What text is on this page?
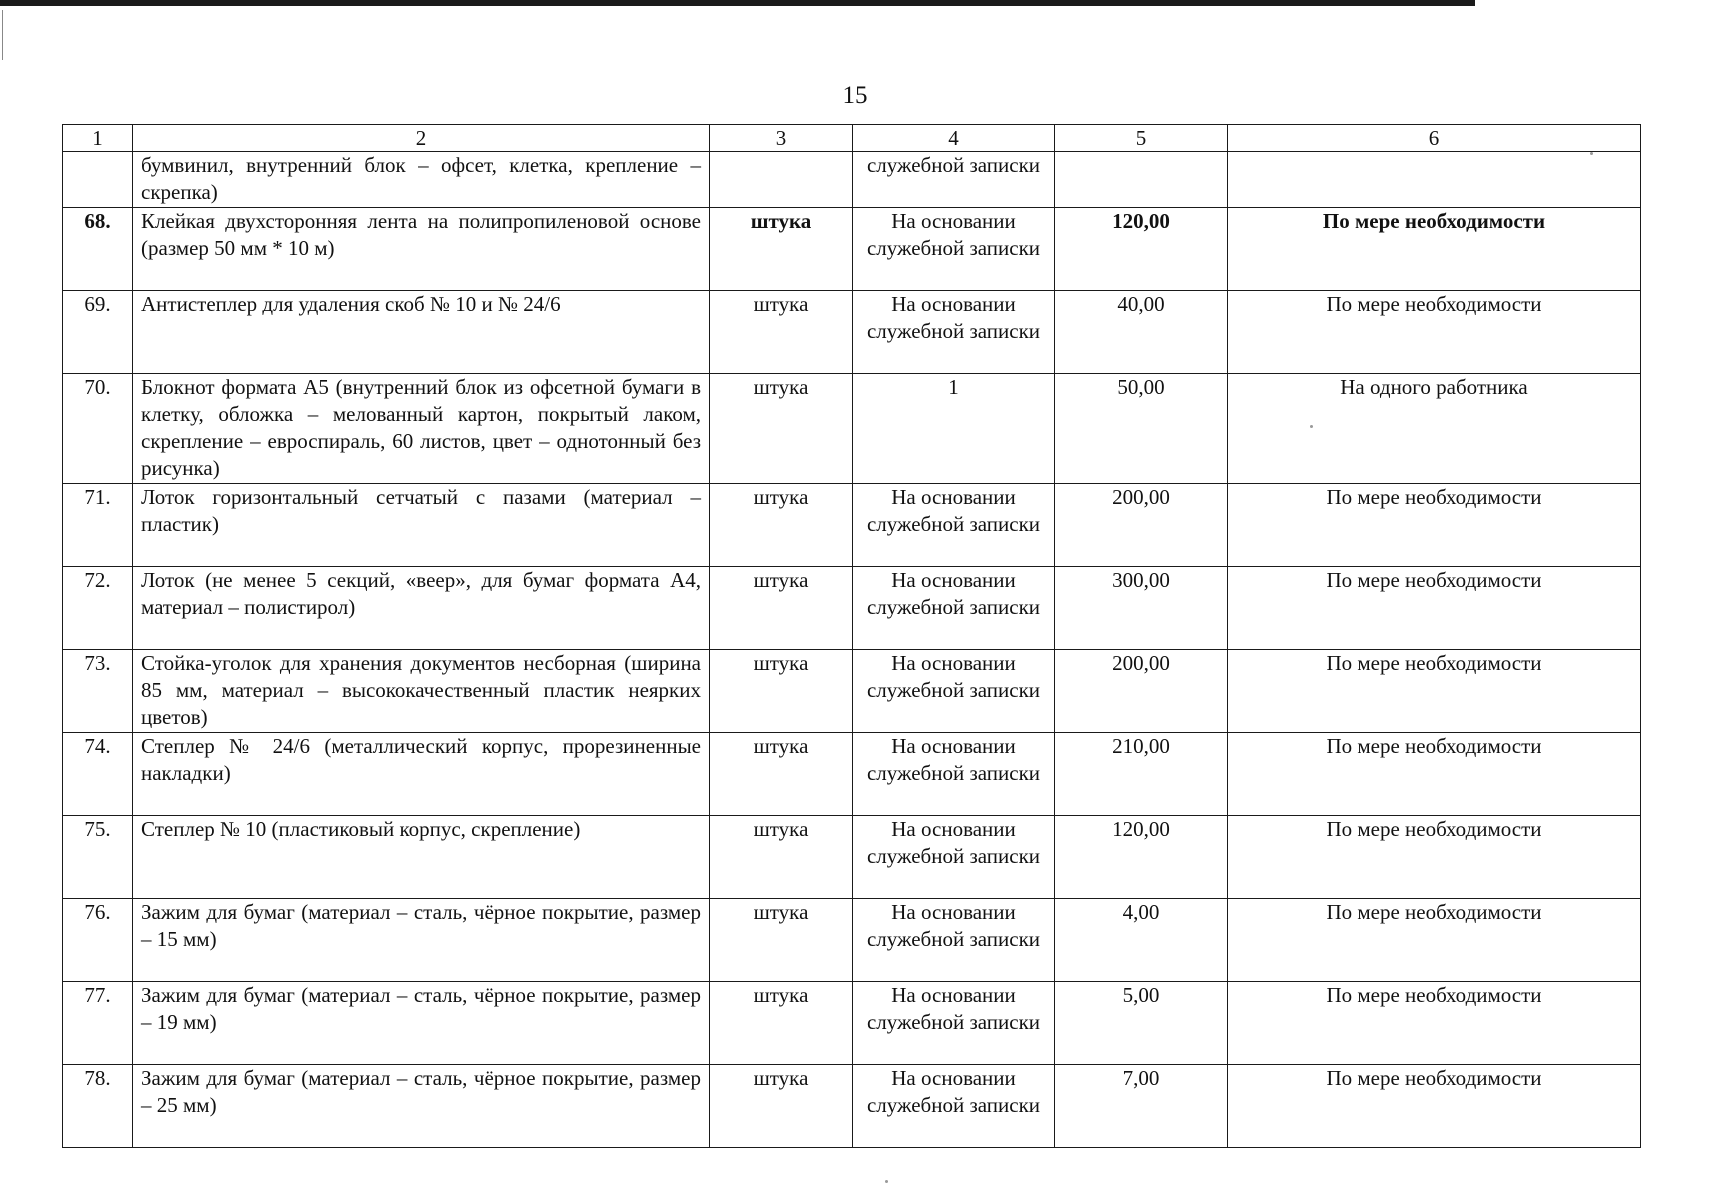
15
1	2	3	4	5	6
	бумвинил, внутренний блок – офсет, клетка, крепление – скрепка)		служебной записки		
68.	Клейкая двухсторонняя лента на полипропиленовой основе (размер 50 мм * 10 м)	штука	На основании служебной записки	120,00	По мере необходимости
69.	Антистеплер для удаления скоб № 10 и № 24/6	штука	На основании служебной записки	40,00	По мере необходимости
70.	Блокнот формата А5 (внутренний блок из офсетной бумаги в клетку, обложка – мелованный картон, покрытый лаком, скрепление – евроспираль, 60 листов, цвет – однотонный без рисунка)	штука	1	50,00	На одного работника
71.	Лоток горизонтальный сетчатый с пазами (материал – пластик)	штука	На основании служебной записки	200,00	По мере необходимости
72.	Лоток (не менее 5 секций, «веер», для бумаг формата А4, материал – полистирол)	штука	На основании служебной записки	300,00	По мере необходимости
73.	Стойка-уголок для хранения документов несборная (ширина 85 мм, материал – высококачественный пластик неярких цветов)	штука	На основании служебной записки	200,00	По мере необходимости
74.	Степлер № 24/6 (металлический корпус, прорезиненные накладки)	штука	На основании служебной записки	210,00	По мере необходимости
75.	Степлер № 10 (пластиковый корпус, скрепление)	штука	На основании служебной записки	120,00	По мере необходимости
76.	Зажим для бумаг (материал – сталь, чёрное покрытие, размер – 15 мм)	штука	На основании служебной записки	4,00	По мере необходимости
77.	Зажим для бумаг (материал – сталь, чёрное покрытие, размер – 19 мм)	штука	На основании служебной записки	5,00	По мере необходимости
78.	Зажим для бумаг (материал – сталь, чёрное покрытие, размер – 25 мм)	штука	На основании служебной записки	7,00	По мере необходимости
